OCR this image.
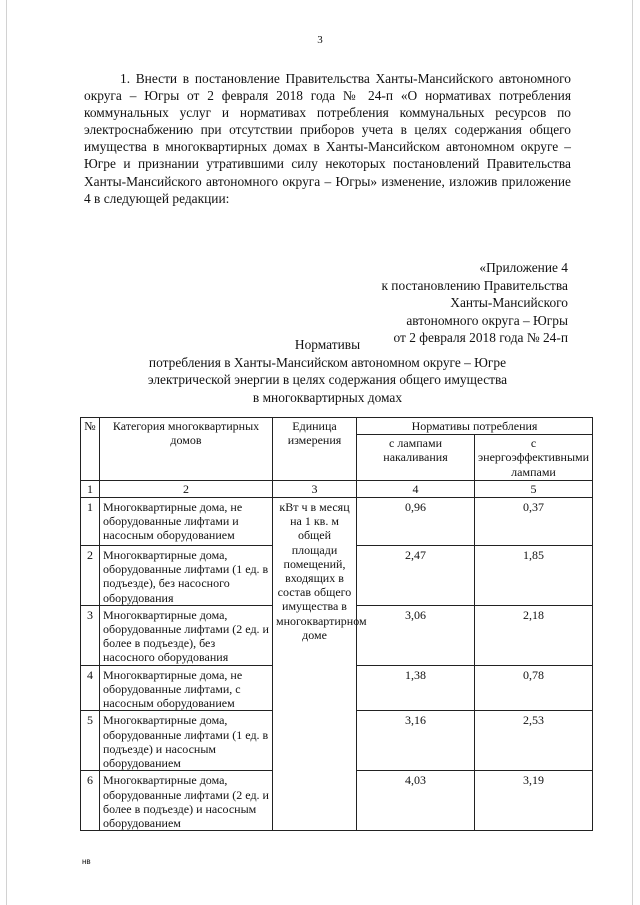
3

1. Внести в постановление Правительства Ханты-Мансийского автономного округа – Югры от 2 февраля 2018 года № 24-п «О нормативах потребления коммунальных услуг и нормативах потребления коммунальных ресурсов по электроснабжению при отсутствии приборов учета в целях содержания общего имущества в многоквартирных домах в Ханты-Мансийском автономном округе – Югре и признании утратившими силу некоторых постановлений Правительства Ханты-Мансийского автономного округа – Югры» изменение, изложив приложение 4 в следующей редакции:

«Приложение 4
к постановлению Правительства
Ханты-Мансийского
автономного округа – Югры
от 2 февраля 2018 года № 24-п
Нормативы
потребления в Ханты-Мансийском автономном округе – Югре
электрической энергии в целях содержания общего имущества
в многоквартирных домах
№	Категория многоквартирных домов	Единица измерения	Нормативы потребления	
			с лампами накаливания	с энергоэффективными лампами
1	2	3	4	5
1	Многоквартирные дома, не оборудованные лифтами и насосным оборудованием	кВт ч в месяц на 1 кв. м общей площади помещений, входящих в состав общего имущества в многоквартирном доме	0,96	0,37
2	Многоквартирные дома, оборудованные лифтами (1 ед. в подъезде), без насосного оборудования		2,47	1,85
3	Многоквартирные дома, оборудованные лифтами (2 ед. и более в подъезде), без насосного оборудования		3,06	2,18
4	Многоквартирные дома, не оборудованные лифтами, с насосным оборудованием		1,38	0,78
5	Многоквартирные дома, оборудованные лифтами (1 ед. в подъезде) и насосным оборудованием		3,16	2,53
6	Многоквартирные дома, оборудованные лифтами (2 ед. и более в подъезде) и насосным оборудованием		4,03	3,19
нв
